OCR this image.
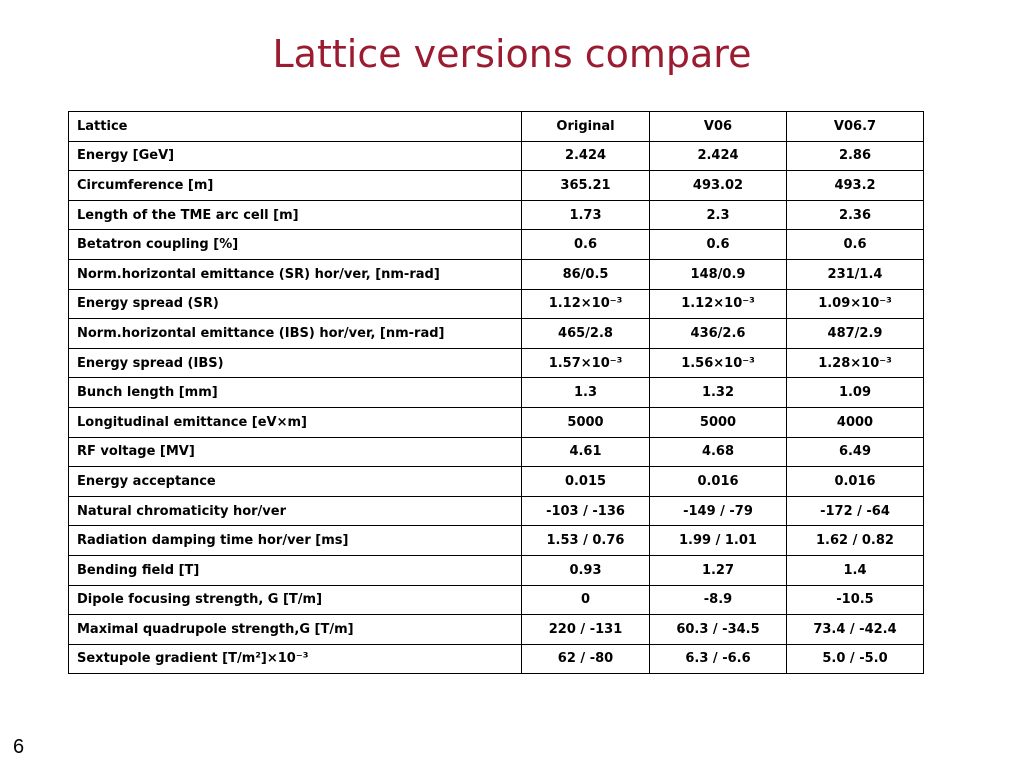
Lattice versions compare
Lattice	Original	V06	V06.7
Energy [GeV]	2.424	2.424	2.86
Circumference [m]	365.21	493.02	493.2
Length of the TME arc cell [m]	1.73	2.3	2.36
Betatron coupling [%]	0.6	0.6	0.6
Norm.horizontal emittance (SR) hor/ver, [nm-rad]	86/0.5	148/0.9	231/1.4
Energy spread (SR)	1.12×10⁻³	1.12×10⁻³	1.09×10⁻³
Norm.horizontal emittance (IBS) hor/ver, [nm-rad]	465/2.8	436/2.6	487/2.9
Energy spread (IBS)	1.57×10⁻³	1.56×10⁻³	1.28×10⁻³
Bunch length [mm]	1.3	1.32	1.09
Longitudinal emittance [eV×m]	5000	5000	4000
RF voltage [MV]	4.61	4.68	6.49
Energy acceptance	0.015	0.016	0.016
Natural chromaticity hor/ver	-103 / -136	-149 / -79	-172 / -64
Radiation damping time hor/ver [ms]	1.53 / 0.76	1.99 / 1.01	1.62 / 0.82
Bending field [T]	0.93	1.27	1.4
Dipole focusing strength, G [T/m]	0	-8.9	-10.5
Maximal quadrupole strength,G [T/m]	220 / -131	60.3 / -34.5	73.4 / -42.4
Sextupole gradient [T/m²]×10⁻³	62 / -80	6.3 / -6.6	5.0 / -5.0
6
